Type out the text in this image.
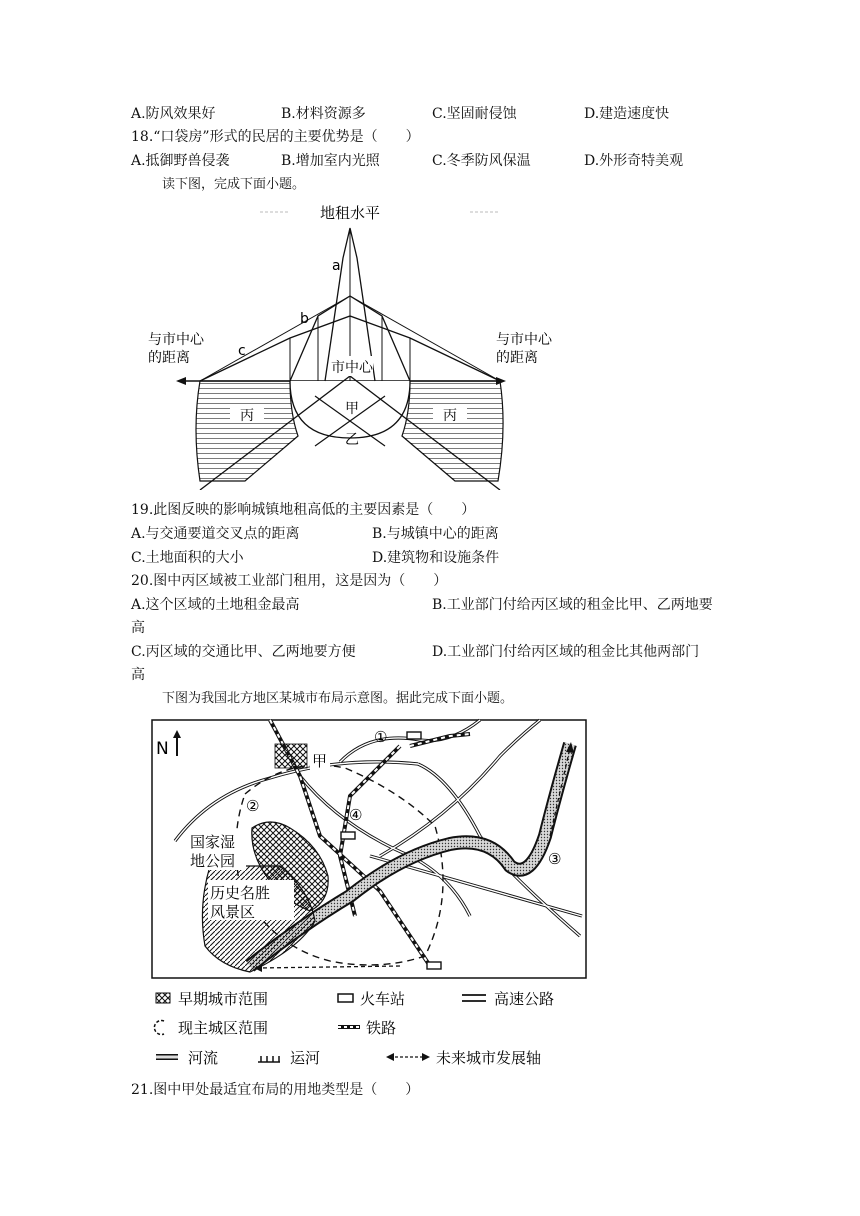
A.防风效果好	B.材料资源多	C.坚固耐侵蚀	D.建造速度快
18.“口袋房”形式的民居的主要优势是（　　）
A.抵御野兽侵袭	B.增加室内光照	C.冬季防风保温	D.外形奇特美观
读下图，完成下面小题。
地租水平
a
b
c
与市中心
的距离
与市中心
的距离
市中心
甲
乙
丙	丙
19.此图反映的影响城镇地租高低的主要因素是（　　）
A.与交通要道交叉点的距离	B.与城镇中心的距离
C.土地面积的大小	D.建筑物和设施条件
20.图中丙区域被工业部门租用，这是因为（　　）
A.这个区域的土地租金最高	B.工业部门付给丙区域的租金比甲、乙两地要
高
C.丙区域的交通比甲、乙两地要方便	D.工业部门付给丙区域的租金比其他两部门
高
下图为我国北方地区某城市布局示意图。据此完成下面小题。
N
国家湿
地公园
历史名胜
风景区
甲
①
②
③
④
早期城市范围	火车站	高速公路
现主城区范围	铁路
河流	运河	未来城市发展轴
21.图中甲处最适宜布局的用地类型是（　　）
